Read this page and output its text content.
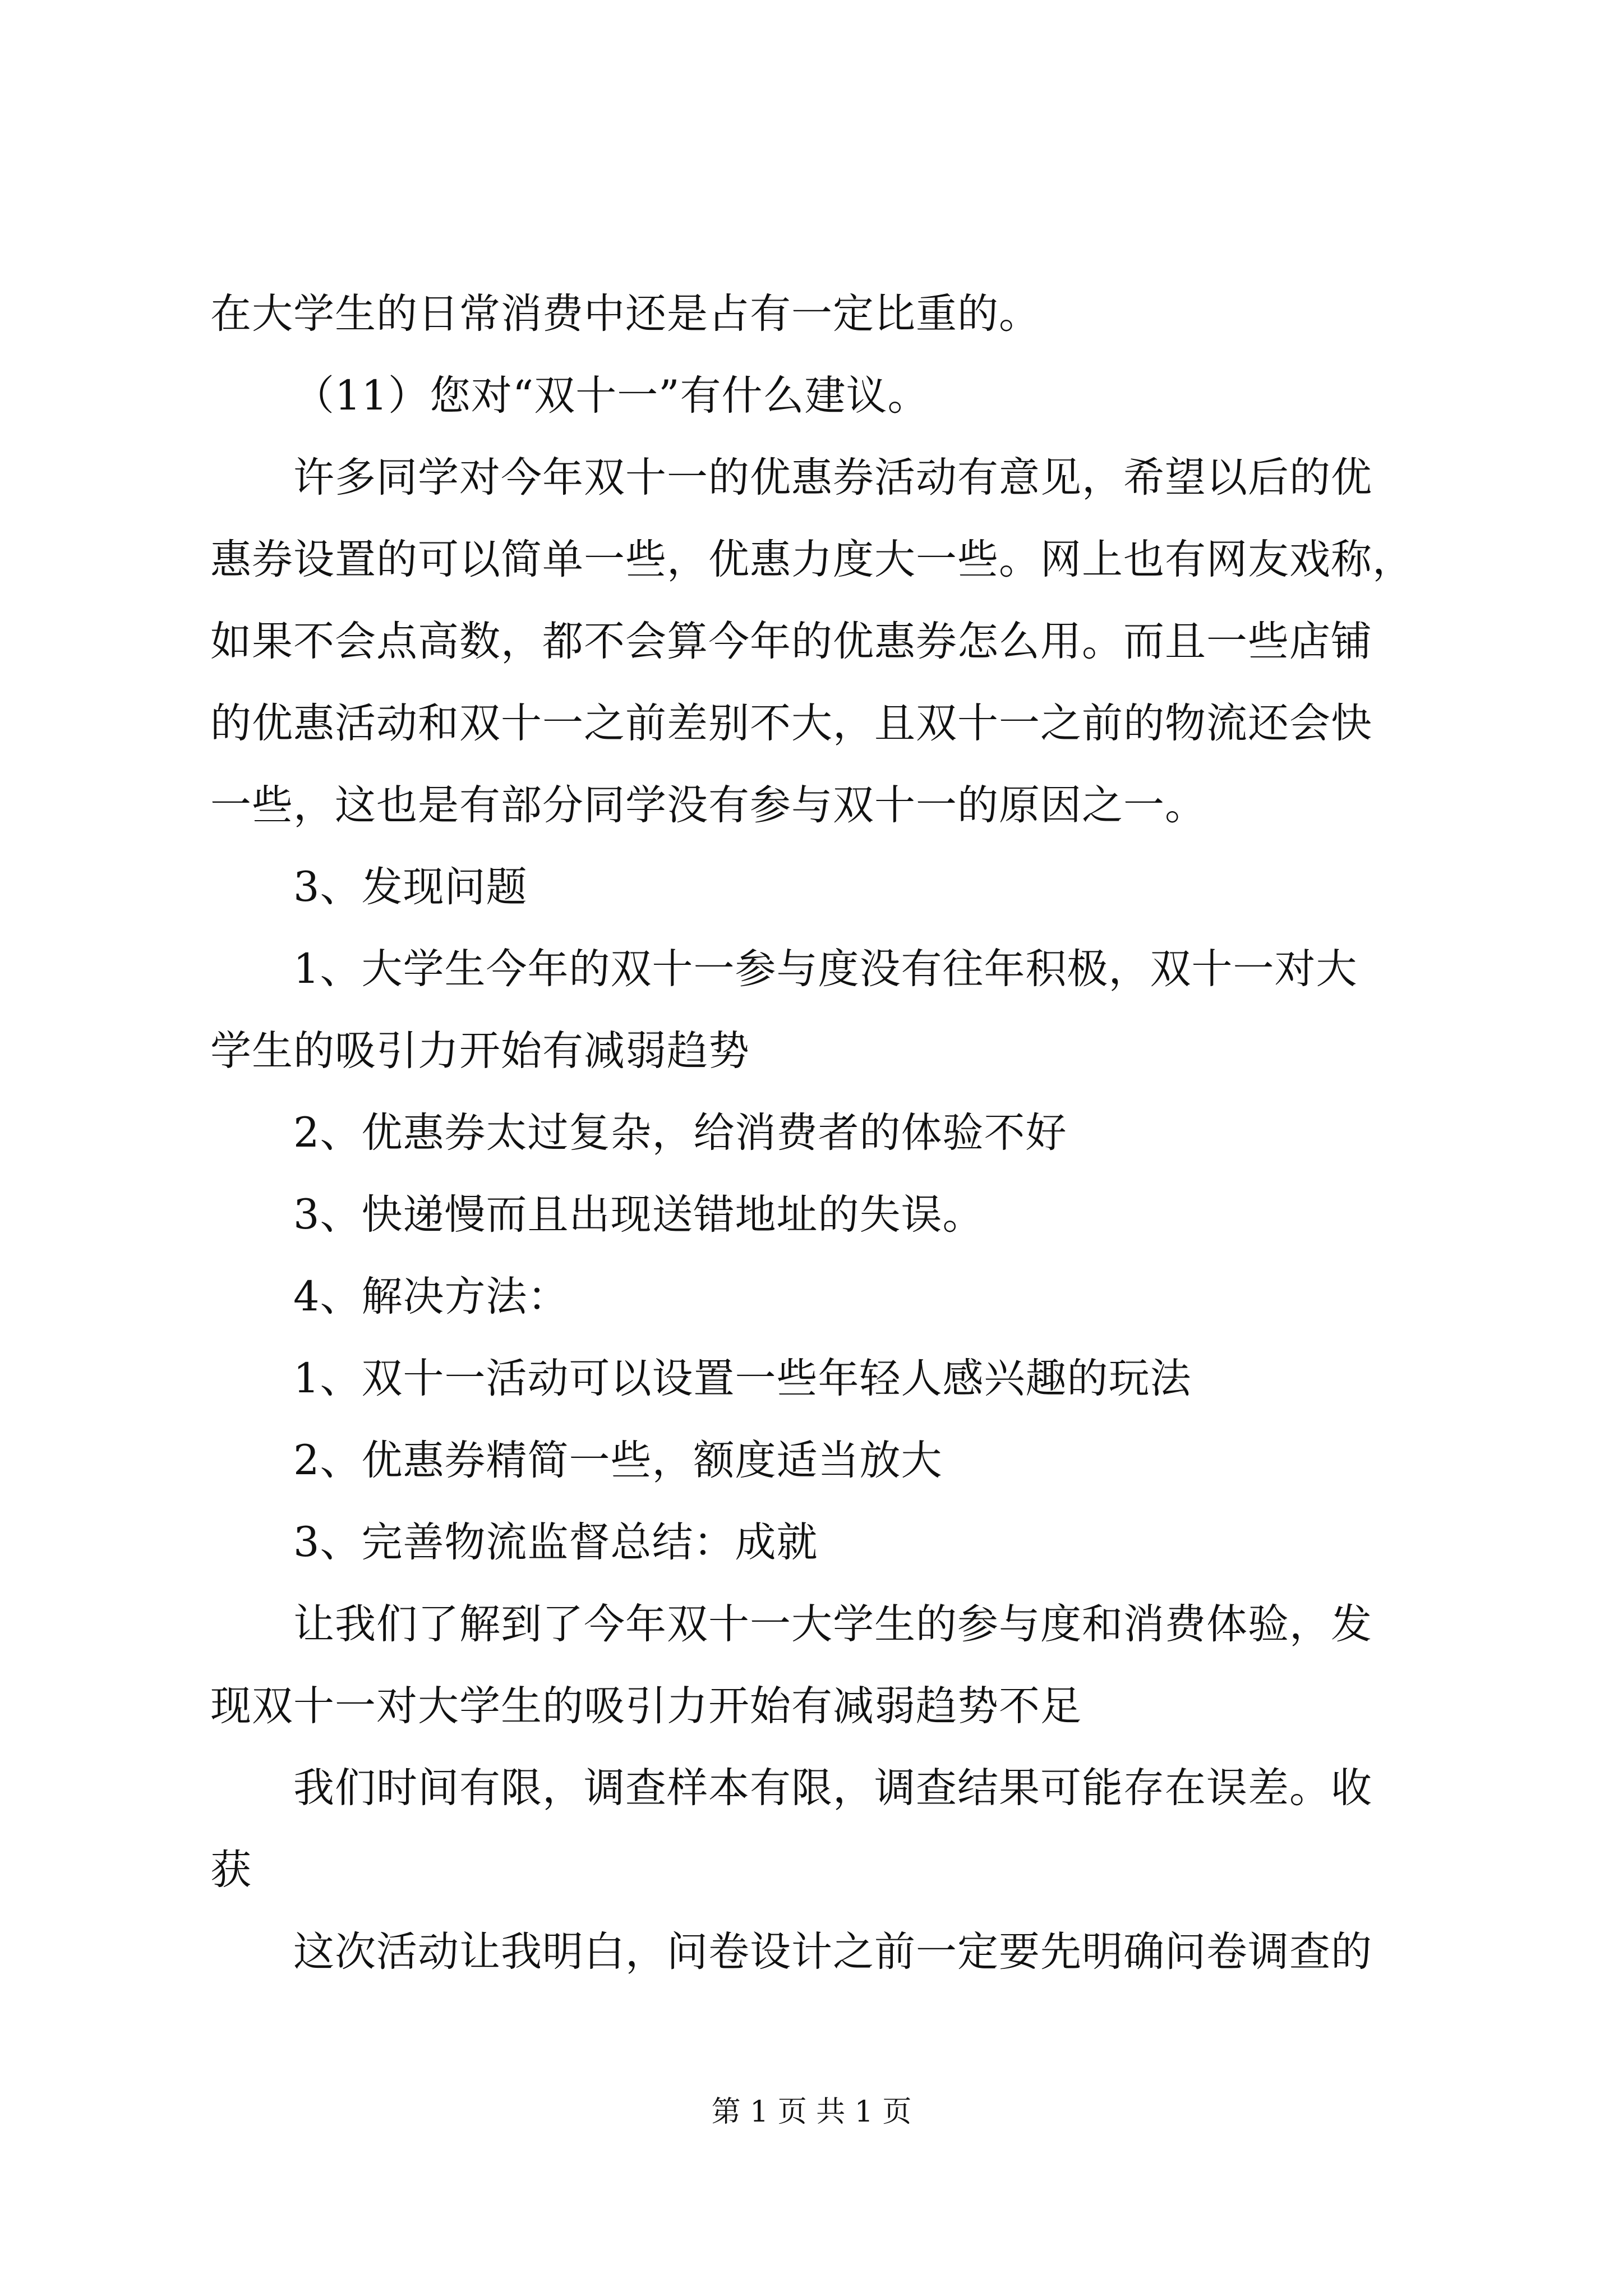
在大学生的日常消费中还是占有一定比重的。
（11）您对“双十一”有什么建议。
许多同学对今年双十一的优惠券活动有意见，希望以后的优
惠券设置的可以简单一些，优惠力度大一些。网上也有网友戏称，
如果不会点高数，都不会算今年的优惠券怎么用。而且一些店铺
的优惠活动和双十一之前差别不大，且双十一之前的物流还会快
一些，这也是有部分同学没有参与双十一的原因之一。
3、发现问题
1、大学生今年的双十一参与度没有往年积极，双十一对大
学生的吸引力开始有减弱趋势
2、优惠券太过复杂，给消费者的体验不好
3、快递慢而且出现送错地址的失误。
4、解决方法：
1、双十一活动可以设置一些年轻人感兴趣的玩法
2、优惠券精简一些，额度适当放大
3、完善物流监督总结：成就
让我们了解到了今年双十一大学生的参与度和消费体验，发
现双十一对大学生的吸引力开始有减弱趋势不足
我们时间有限，调查样本有限，调查结果可能存在误差。收
获
这次活动让我明白，问卷设计之前一定要先明确问卷调查的
第 1 页 共 1 页
